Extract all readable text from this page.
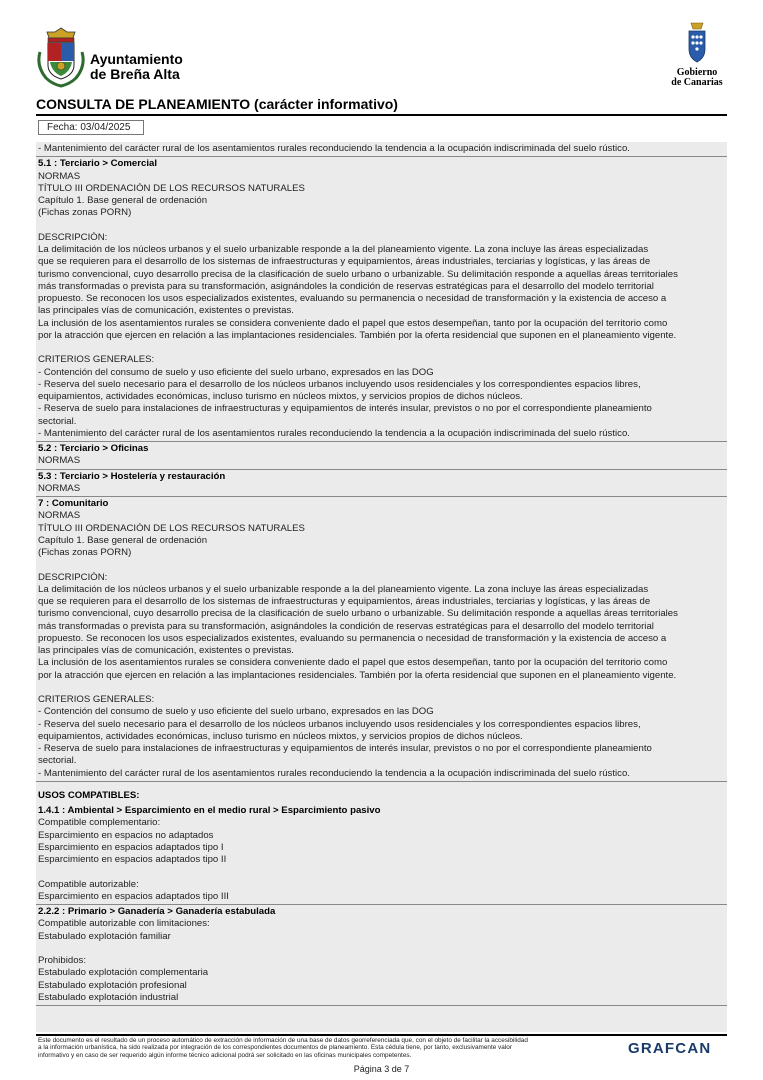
Ayuntamiento
de Breña Alta	Gobierno
de Canarias
CONSULTA DE PLANEAMIENTO (carácter informativo)
Fecha: 03/04/2025
- Mantenimiento del carácter rural de los asentamientos rurales reconduciendo la tendencia a la ocupación indiscriminada del suelo rústico.
5.1 : Terciario > Comercial
NORMAS
TÍTULO III ORDENACIÓN DE LOS RECURSOS NATURALES
Capítulo 1. Base general de ordenación
(Fichas zonas PORN)
DESCRIPCIÓN:
La delimitación de los núcleos urbanos y el suelo urbanizable responde a la del planeamiento vigente. La zona incluye las áreas especializadas
que se requieren para el desarrollo de los sistemas de infraestructuras y equipamientos, áreas industriales, terciarias y logísticas, y las áreas de
turismo convencional, cuyo desarrollo precisa de la clasificación de suelo urbano o urbanizable. Su delimitación responde a aquellas áreas territoriales
más transformadas o prevista para su transformación, asignándoles la condición de reservas estratégicas para el desarrollo del modelo territorial
propuesto. Se reconocen los usos especializados existentes, evaluando su permanencia o necesidad de transformación y la existencia de acceso a
las principales vías de comunicación, existentes o previstas.
La inclusión de los asentamientos rurales se considera conveniente dado el papel que estos desempeñan, tanto por la ocupación del territorio como
por la atracción que ejercen en relación a las implantaciones residenciales. También por la oferta residencial que suponen en el planeamiento vigente.
CRITERIOS GENERALES:
- Contención del consumo de suelo y uso eficiente del suelo urbano, expresados en las DOG
- Reserva del suelo necesario para el desarrollo de los núcleos urbanos incluyendo usos residenciales y los correspondientes espacios libres,
equipamientos, actividades económicas, incluso turismo en núcleos mixtos, y servicios propios de dichos núcleos.
- Reserva de suelo para instalaciones de infraestructuras y equipamientos de interés insular, previstos o no por el correspondiente planeamiento
sectorial.
- Mantenimiento del carácter rural de los asentamientos rurales reconduciendo la tendencia a la ocupación indiscriminada del suelo rústico.
5.2 : Terciario > Oficinas
NORMAS
5.3 : Terciario > Hostelería y restauración
NORMAS
7 : Comunitario
NORMAS
TÍTULO III ORDENACIÓN DE LOS RECURSOS NATURALES
Capítulo 1. Base general de ordenación
(Fichas zonas PORN)
DESCRIPCIÓN:
La delimitación de los núcleos urbanos y el suelo urbanizable responde a la del planeamiento vigente. La zona incluye las áreas especializadas
que se requieren para el desarrollo de los sistemas de infraestructuras y equipamientos, áreas industriales, terciarias y logísticas, y las áreas de
turismo convencional, cuyo desarrollo precisa de la clasificación de suelo urbano o urbanizable. Su delimitación responde a aquellas áreas territoriales
más transformadas o prevista para su transformación, asignándoles la condición de reservas estratégicas para el desarrollo del modelo territorial
propuesto. Se reconocen los usos especializados existentes, evaluando su permanencia o necesidad de transformación y la existencia de acceso a
las principales vías de comunicación, existentes o previstas.
La inclusión de los asentamientos rurales se considera conveniente dado el papel que estos desempeñan, tanto por la ocupación del territorio como
por la atracción que ejercen en relación a las implantaciones residenciales. También por la oferta residencial que suponen en el planeamiento vigente.
CRITERIOS GENERALES:
- Contención del consumo de suelo y uso eficiente del suelo urbano, expresados en las DOG
- Reserva del suelo necesario para el desarrollo de los núcleos urbanos incluyendo usos residenciales y los correspondientes espacios libres,
equipamientos, actividades económicas, incluso turismo en núcleos mixtos, y servicios propios de dichos núcleos.
- Reserva de suelo para instalaciones de infraestructuras y equipamientos de interés insular, previstos o no por el correspondiente planeamiento
sectorial.
- Mantenimiento del carácter rural de los asentamientos rurales reconduciendo la tendencia a la ocupación indiscriminada del suelo rústico.
USOS COMPATIBLES:
1.4.1 : Ambiental > Esparcimiento en el medio rural > Esparcimiento pasivo
Compatible complementario:
Esparcimiento en espacios no adaptados
Esparcimiento en espacios adaptados tipo I
Esparcimiento en espacios adaptados tipo II
Compatible autorizable:
Esparcimiento en espacios adaptados tipo III
2.2.2 : Primario > Ganadería > Ganadería estabulada
Compatible autorizable con limitaciones:
Estabulado explotación familiar
Prohibidos:
Estabulado explotación complementaria
Estabulado explotación profesional
Estabulado explotación industrial
Este documento es el resultado de un proceso automático de extracción de información de una base de datos georreferenciada que, con el objeto de facilitar la accesibilidad
a la información urbanística, ha sido realizada por integración de los correspondientes documentos de planeamiento. Esta cédula tiene, por tanto, exclusivamente valor
informativo y en caso de ser requerido algún informe técnico adicional podrá ser solicitado en las oficinas municipales competentes.	GRAFCAN
Página 3 de 7
